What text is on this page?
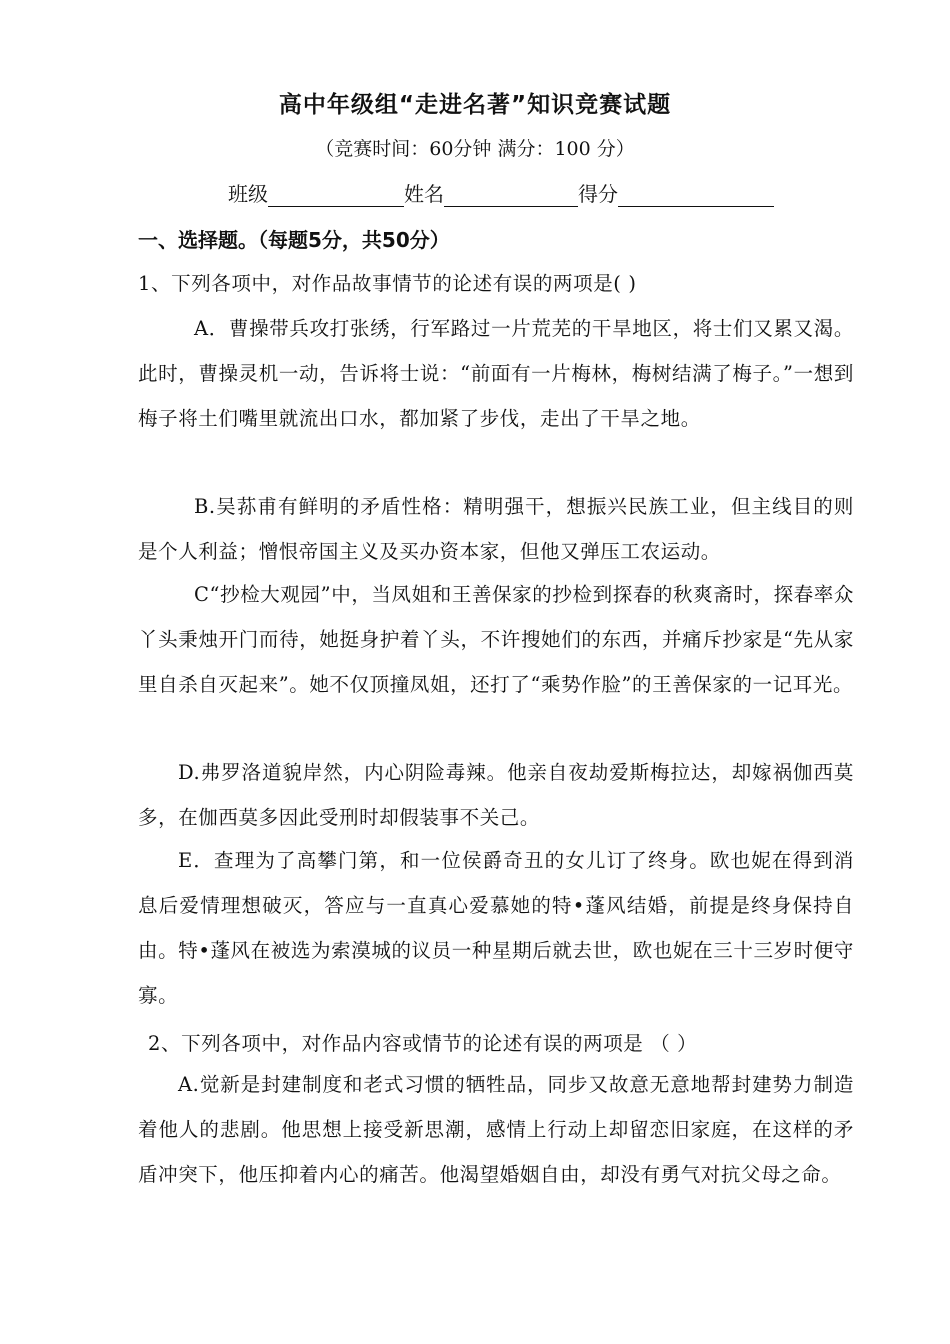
高中年级组“走进名著”知识竞赛试题
（竞赛时间：60分钟 满分：100 分）
班级	姓名	得分
一、选择题。（每题5分，共50分）
1、下列各项中，对作品故事情节的论述有误的两项是( )
A．曹操带兵攻打张绣，行军路过一片荒芜的干旱地区，将士们又累又渴。此时，曹操灵机一动，告诉将士说：“前面有一片梅林，梅树结满了梅子。”一想到梅子将土们嘴里就流出口水，都加紧了步伐，走出了干旱之地。
B.吴荪甫有鲜明的矛盾性格：精明强干，想振兴民族工业，但主线目的则是个人利益；憎恨帝国主义及买办资本家，但他又弹压工农运动。
C“抄检大观园”中，当凤姐和王善保家的抄检到探春的秋爽斋时，探春率众丫头秉烛开门而待，她挺身护着丫头，不许搜她们的东西，并痛斥抄家是“先从家里自杀自灭起来”。她不仅顶撞凤姐，还打了“乘势作脸”的王善保家的一记耳光。
D.弗罗洛道貌岸然，内心阴险毒辣。他亲自夜劫爱斯梅拉达，却嫁祸伽西莫多，在伽西莫多因此受刑时却假装事不关己。
E．查理为了高攀门第，和一位侯爵奇丑的女儿订了终身。欧也妮在得到消息后爱情理想破灭，答应与一直真心爱慕她的特•蓬风结婚，前提是终身保持自由。特•蓬风在被选为索漠城的议员一种星期后就去世，欧也妮在三十三岁时便守寡。
2、下列各项中，对作品内容或情节的论述有误的两项是 （ ）
A.觉新是封建制度和老式习惯的牺牲品，同步又故意无意地帮封建势力制造着他人的悲剧。他思想上接受新思潮，感情上行动上却留恋旧家庭，在这样的矛盾冲突下，他压抑着内心的痛苦。他渴望婚姻自由，却没有勇气对抗父母之命。
